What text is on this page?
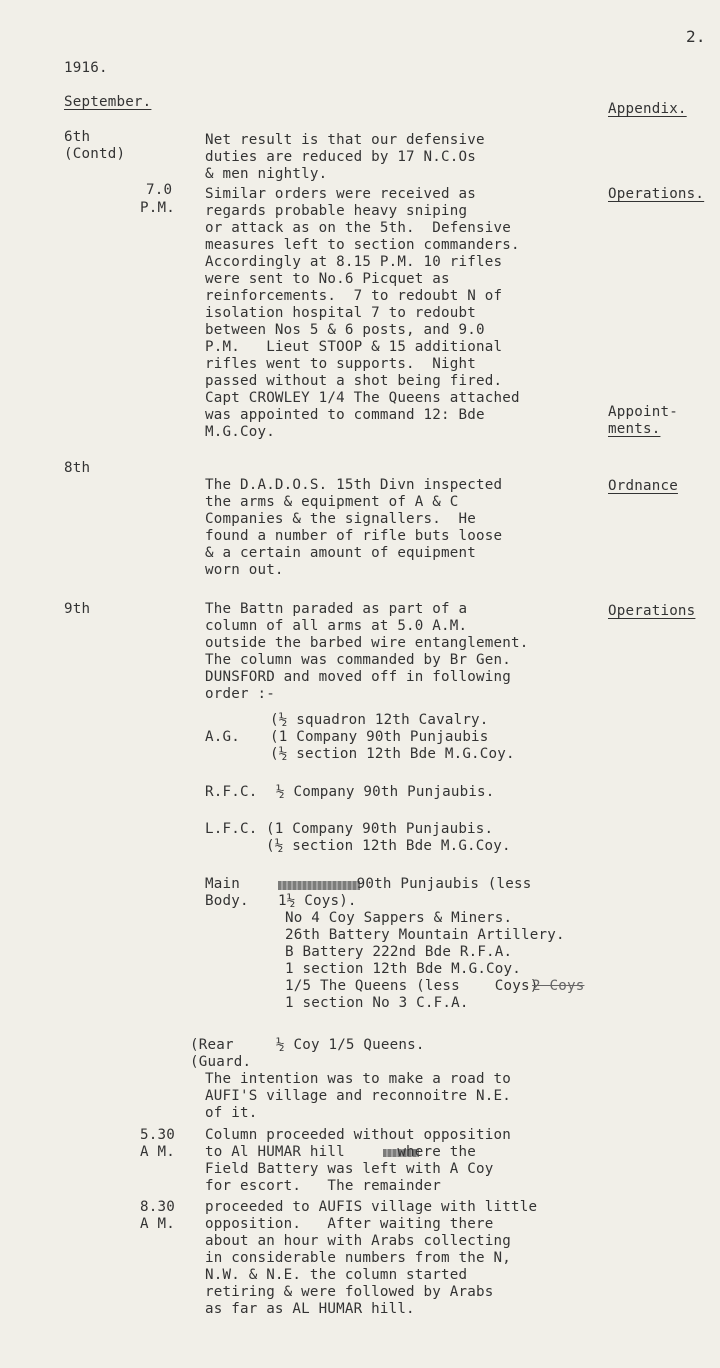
2.
1916.
September.	Appendix.
6th
(Contd)
Net result is that our defensive
duties are reduced by 17 N.C.Os
& men nightly.
7.0
P.M.
Similar orders were received as
regards probable heavy sniping
or attack as on the 5th.  Defensive
measures left to section commanders.
Accordingly at 8.15 P.M. 10 rifles
were sent to No.6 Picquet as
reinforcements.  7 to redoubt N of
isolation hospital 7 to redoubt
between Nos 5 & 6 posts, and 9.0
P.M.   Lieut STOOP & 15 additional
rifles went to supports.  Night
passed without a shot being fired.
Capt CROWLEY 1/4 The Queens attached
was appointed to command 12: Bde
M.G.Coy.
Operations.
Appoint-
ments.
8th
The D.A.D.O.S. 15th Divn inspected
the arms & equipment of A & C
Companies & the signallers.  He
found a number of rifle buts loose
& a certain amount of equipment
worn out.
Ordnance
9th	The Battn paraded as part of a
column of all arms at 5.0 A.M.
outside the barbed wire entanglement.
The column was commanded by Br Gen.
DUNSFORD and moved off in following
order :-
Operations
A.G.
(½ squadron 12th Cavalry.
(1 Company 90th Punjaubis
(½ section 12th Bde M.G.Coy.
R.F.C. ½ Company 90th Punjaubis.
L.F.C. (1 Company 90th Punjaubis.
(½ section 12th Bde M.G.Coy.
Main
Body.
90th Punjaubis (less
1½ Coys).
No 4 Coy Sappers & Miners.
26th Battery Mountain Artillery.
B Battery 222nd Bde R.F.A.
1 section 12th Bde M.G.Coy.
1/5 The Queens (less    Coys)
2 Coys
1 section No 3 C.F.A.
(Rear
(Guard.
½ Coy 1/5 Queens.
The intention was to make a road to
AUFI'S village and reconnoitre N.E.
of it.
5.30
A M.
Column proceeded without opposition
to Al HUMAR hill      where the
Field Battery was left with A Coy
for escort.   The remainder
8.30
A M.
proceeded to AUFIS village with little
opposition.   After waiting there
about an hour with Arabs collecting
in considerable numbers from the N,
N.W. & N.E. the column started
retiring & were followed by Arabs
as far as AL HUMAR hill.
